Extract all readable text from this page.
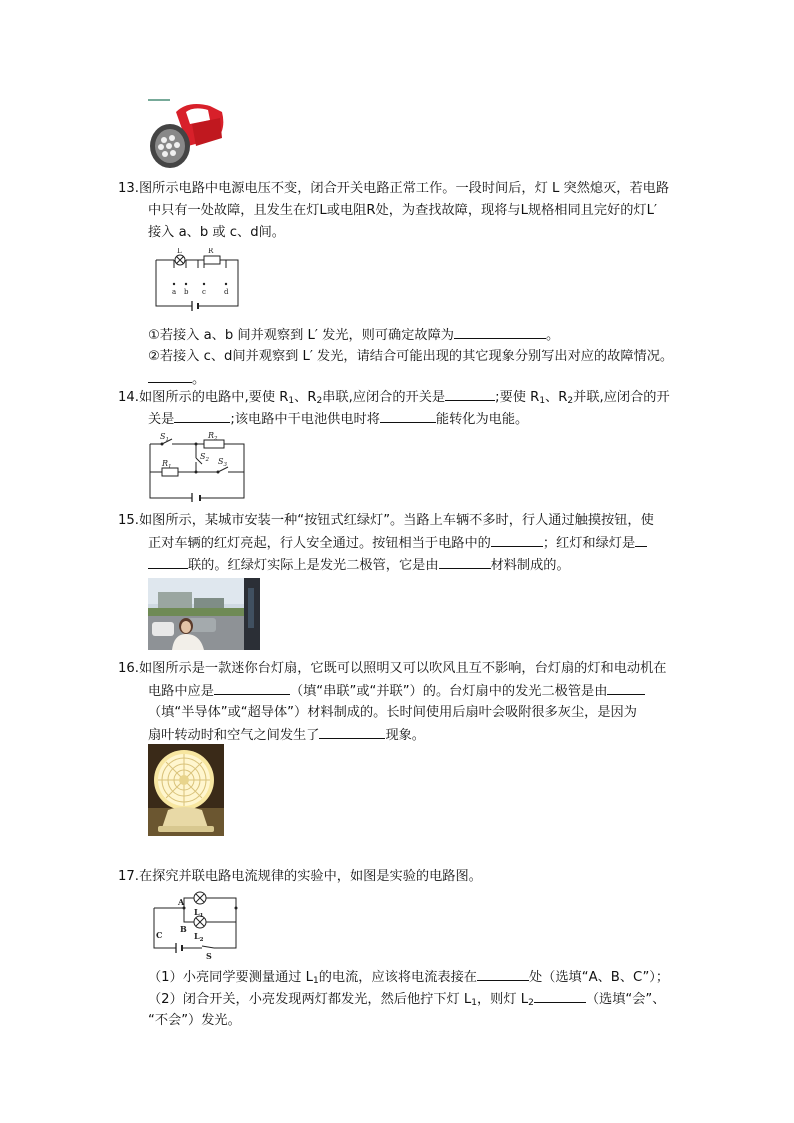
13.图所示电路中电源电压不变，闭合开关电路正常工作。一段时间后，灯 L 突然熄灭，若电路
中只有一处故障，且发生在灯L或电阻R处，为查找故障，现将与L规格相同且完好的灯L′
接入 a、b 或 c、d间。
L	R
a b c	d
①若接入 a、b 间并观察到 L′ 发光，则可确定故障为	。
②若接入 c、d间并观察到 L′ 发光，请结合可能出现的其它现象分别写出对应的故障情况。
。
14.如图所示的电路中,要使 $R_1$、$R_2$串联,应闭合的开关是	;要使 $R_1$、$R_2$并联,应闭合的开
关是	;该电路中干电池供电时将	能转化为电能。
$S_1$	$R_2$
$R_1$
$S_2$ $S_3$
15.如图所示，某城市安装一种“按钮式红绿灯”。当路上车辆不多时，行人通过触摸按钮，使
正对车辆的红灯亮起，行人安全通过。按钮相当于电路中的	；红灯和绿灯是
联的。红绿灯实际上是发光二极管，它是由	材料制成的。
16.如图所示是一款迷你台灯扇，它既可以照明又可以吹风且互不影响，台灯扇的灯和电动机在
电路中应是	（填“串联”或“并联”）的。台灯扇中的发光二极管是由
（填“半导体”或“超导体”）材料制成的。长时间使用后扇叶会吸附很多灰尘，是因为
扇叶转动时和空气之间发生了	现象。
17.在探究并联电路电流规律的实验中，如图是实验的电路图。
A
B
C
$L_1$
$L_2$
S
（1）小亮同学要测量通过 $L_1$的电流，应该将电流表接在	处（选填“A、B、C”）；
（2）闭合开关，小亮发现两灯都发光，然后他拧下灯 $L_1$，则灯 $L_2$	（选填“会”、
“不会”）发光。
